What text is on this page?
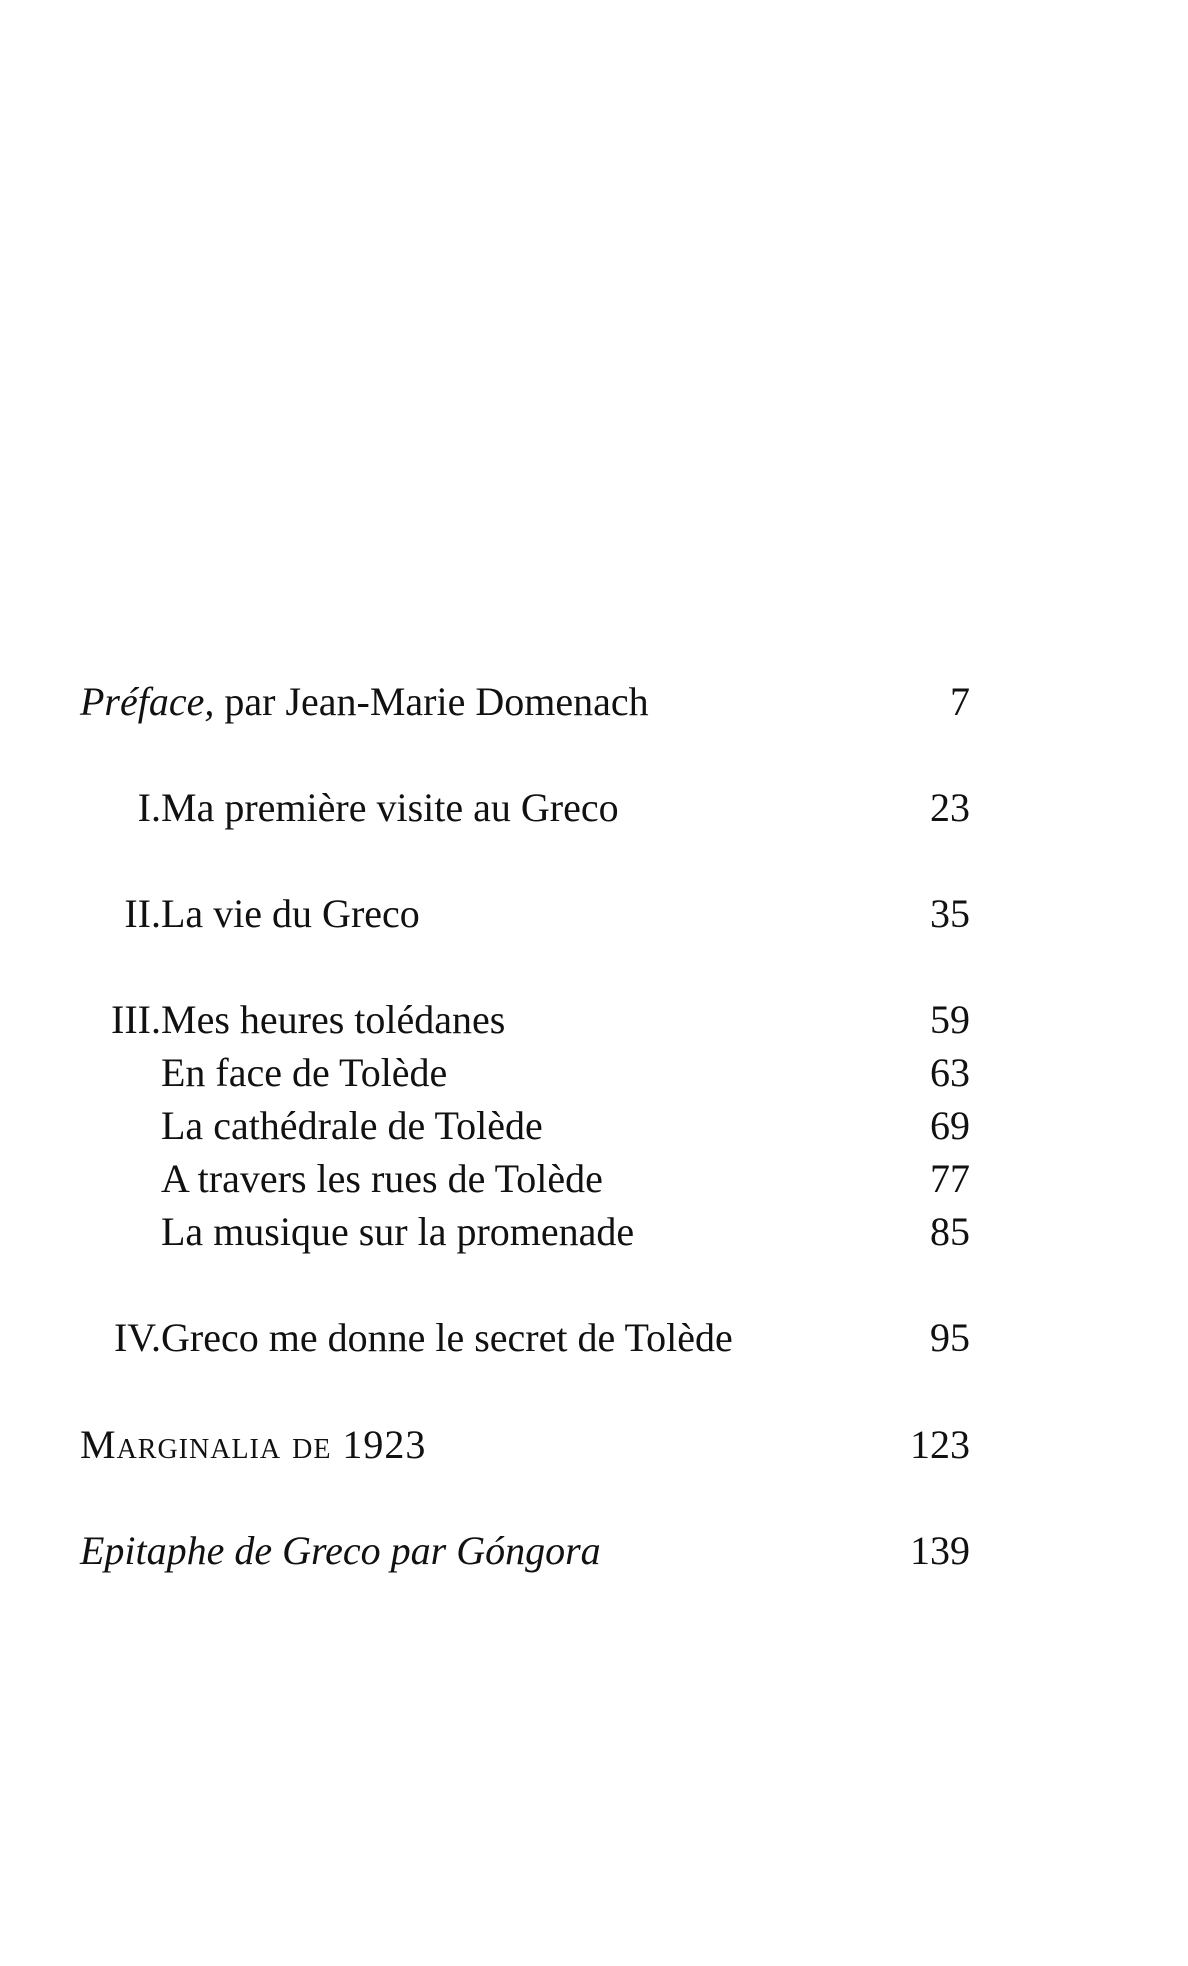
Préface, par Jean-Marie Domenach	7
I. Ma première visite au Greco	23
II. La vie du Greco	35
III. Mes heures tolédanes	59
En face de Tolède	63
La cathédrale de Tolède	69
A travers les rues de Tolède	77
La musique sur la promenade	85
IV. Greco me donne le secret de Tolède	95
Marginalia de 1923	123
Epitaphe de Greco par Góngora	139
